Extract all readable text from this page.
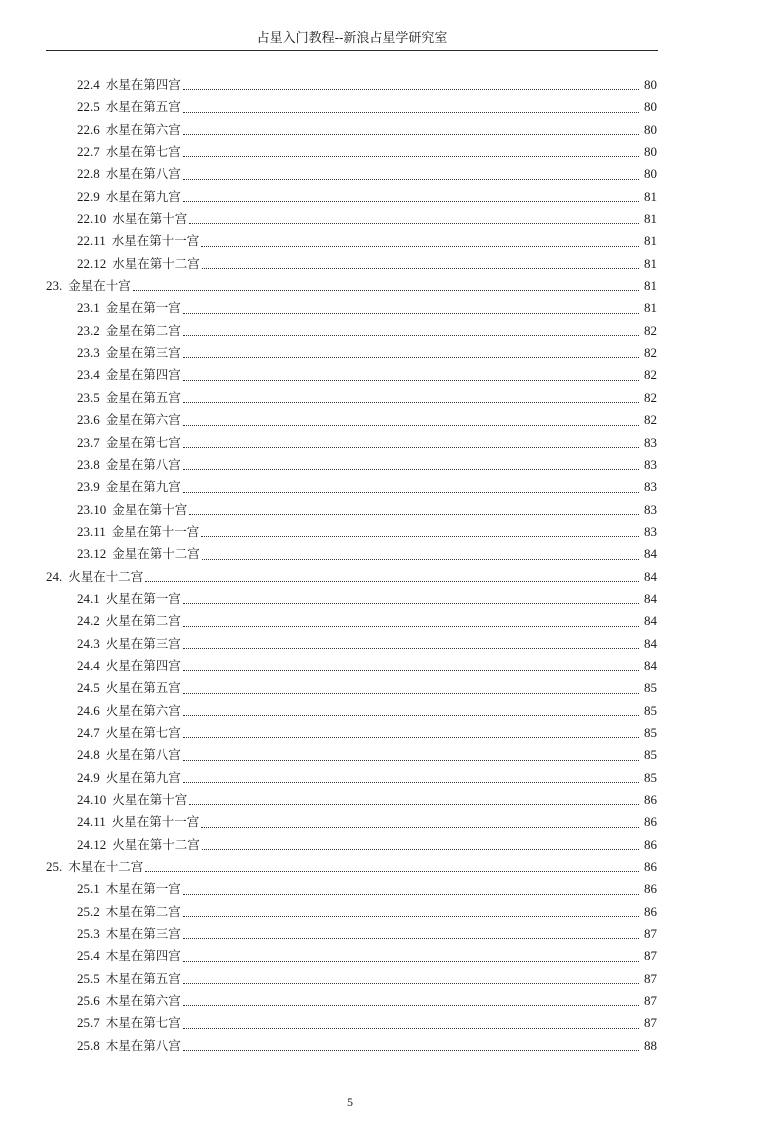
占星入门教程--新浪占星学研究室
22.4 水星在第四宫	80
22.5 水星在第五宫	80
22.6 水星在第六宫	80
22.7 水星在第七宫	80
22.8 水星在第八宫	80
22.9 水星在第九宫	81
22.10 水星在第十宫	81
22.11 水星在第十一宫	81
22.12 水星在第十二宫	81
23. 金星在十宫	81
23.1 金星在第一宫	81
23.2 金星在第二宫	82
23.3 金星在第三宫	82
23.4 金星在第四宫	82
23.5 金星在第五宫	82
23.6 金星在第六宫	82
23.7 金星在第七宫	83
23.8 金星在第八宫	83
23.9 金星在第九宫	83
23.10 金星在第十宫	83
23.11 金星在第十一宫	83
23.12 金星在第十二宫	84
24. 火星在十二宫	84
24.1 火星在第一宫	84
24.2 火星在第二宫	84
24.3 火星在第三宫	84
24.4 火星在第四宫	84
24.5 火星在第五宫	85
24.6 火星在第六宫	85
24.7 火星在第七宫	85
24.8 火星在第八宫	85
24.9 火星在第九宫	85
24.10 火星在第十宫	86
24.11 火星在第十一宫	86
24.12 火星在第十二宫	86
25. 木星在十二宫	86
25.1 木星在第一宫	86
25.2 木星在第二宫	86
25.3 木星在第三宫	87
25.4 木星在第四宫	87
25.5 木星在第五宫	87
25.6 木星在第六宫	87
25.7 木星在第七宫	87
25.8 木星在第八宫	88
5
